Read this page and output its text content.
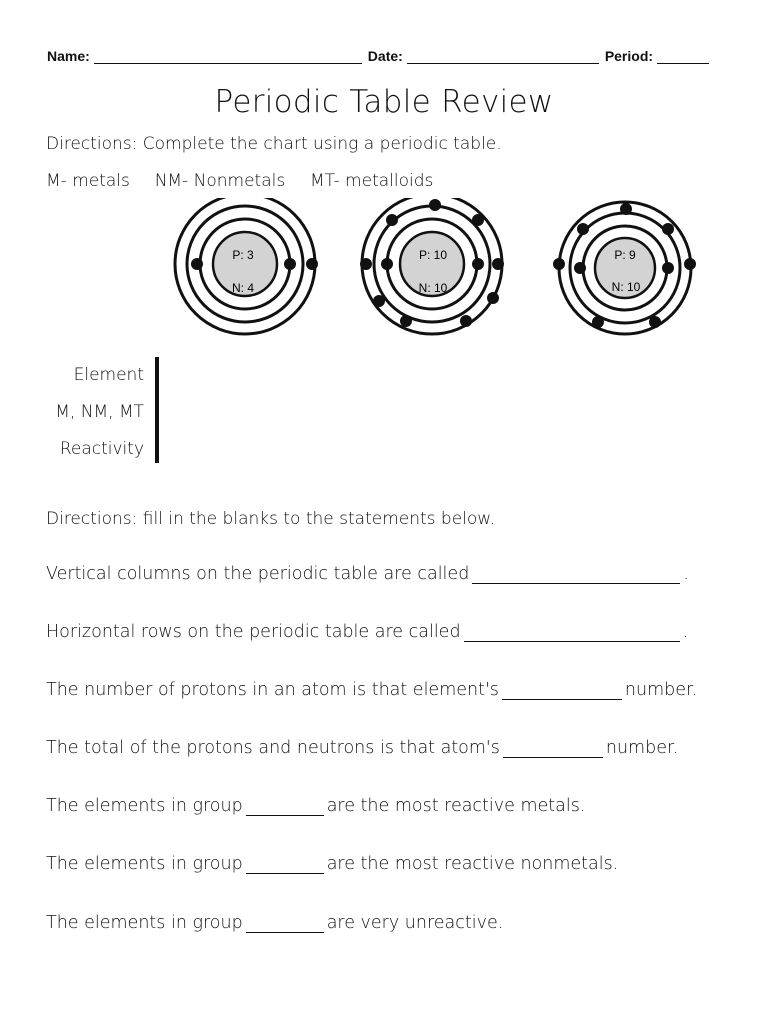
Name:	Date:	Period:
Periodic Table Review
Directions: Complete the chart using a periodic table.
M- metals NM- Nonmetals MT- metalloids
P: 3
N: 4
P: 10
N: 10
P: 9
N: 10
Element
M, NM, MT
Reactivity

Directions: fill in the blanks to the statements below.
Vertical columns on the periodic table are called	.
Horizontal rows on the periodic table are called	.
The number of protons in an atom is that element's	number.
The total of the protons and neutrons is that atom's	number.
The elements in group	are the most reactive metals.
The elements in group	are the most reactive nonmetals.
The elements in group	are very unreactive.
